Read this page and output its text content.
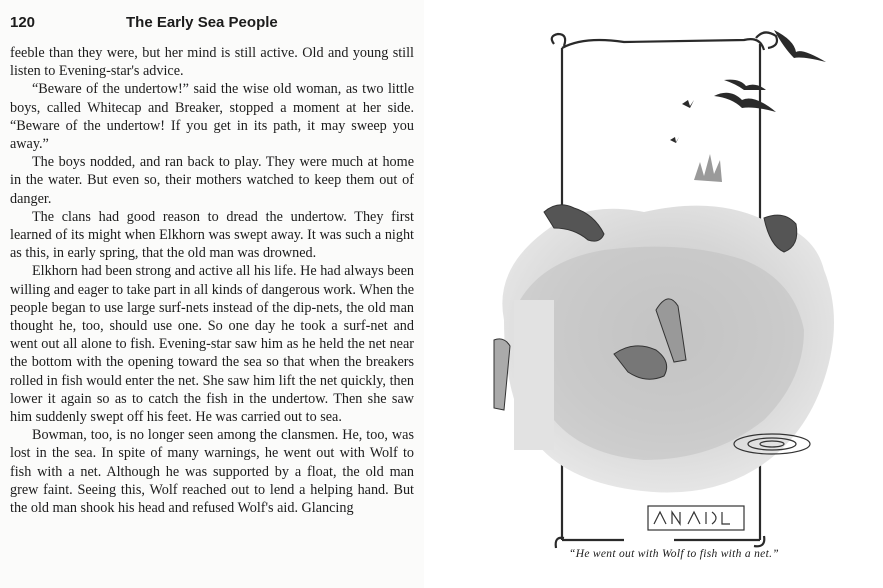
120	The Early Sea People

feeble than they were, but her mind is still active. Old and young still listen to Evening-star's advice.

“Beware of the undertow!” said the wise old woman, as two little boys, called Whitecap and Breaker, stopped a moment at her side. “Beware of the undertow! If you get in its path, it may sweep you away.”

The boys nodded, and ran back to play. They were much at home in the water. But even so, their mothers watched to keep them out of danger.

The clans had good reason to dread the undertow. They first learned of its might when Elkhorn was swept away. It was such a night as this, in early spring, that the old man was drowned.

Elkhorn had been strong and active all his life. He had always been willing and eager to take part in all kinds of dangerous work. When the people began to use large surf-nets instead of the dip-nets, the old man thought he, too, should use one. So one day he took a surf-net and went out all alone to fish. Evening-star saw him as he held the net near the bottom with the opening toward the sea so that when the breakers rolled in fish would enter the net. She saw him lift the net quickly, then lower it again so as to catch the fish in the undertow. Then she saw him suddenly swept off his feet. He was carried out to sea.

Bowman, too, is no longer seen among the clansmen. He, too, was lost in the sea. In spite of many warnings, he went out with Wolf to fish with a net. Although he was supported by a float, the old man grew faint. Seeing this, Wolf reached out to lend a helping hand. But the old man shook his head and refused Wolf's aid. Glancing

“He went out with Wolf to fish with a net.”
